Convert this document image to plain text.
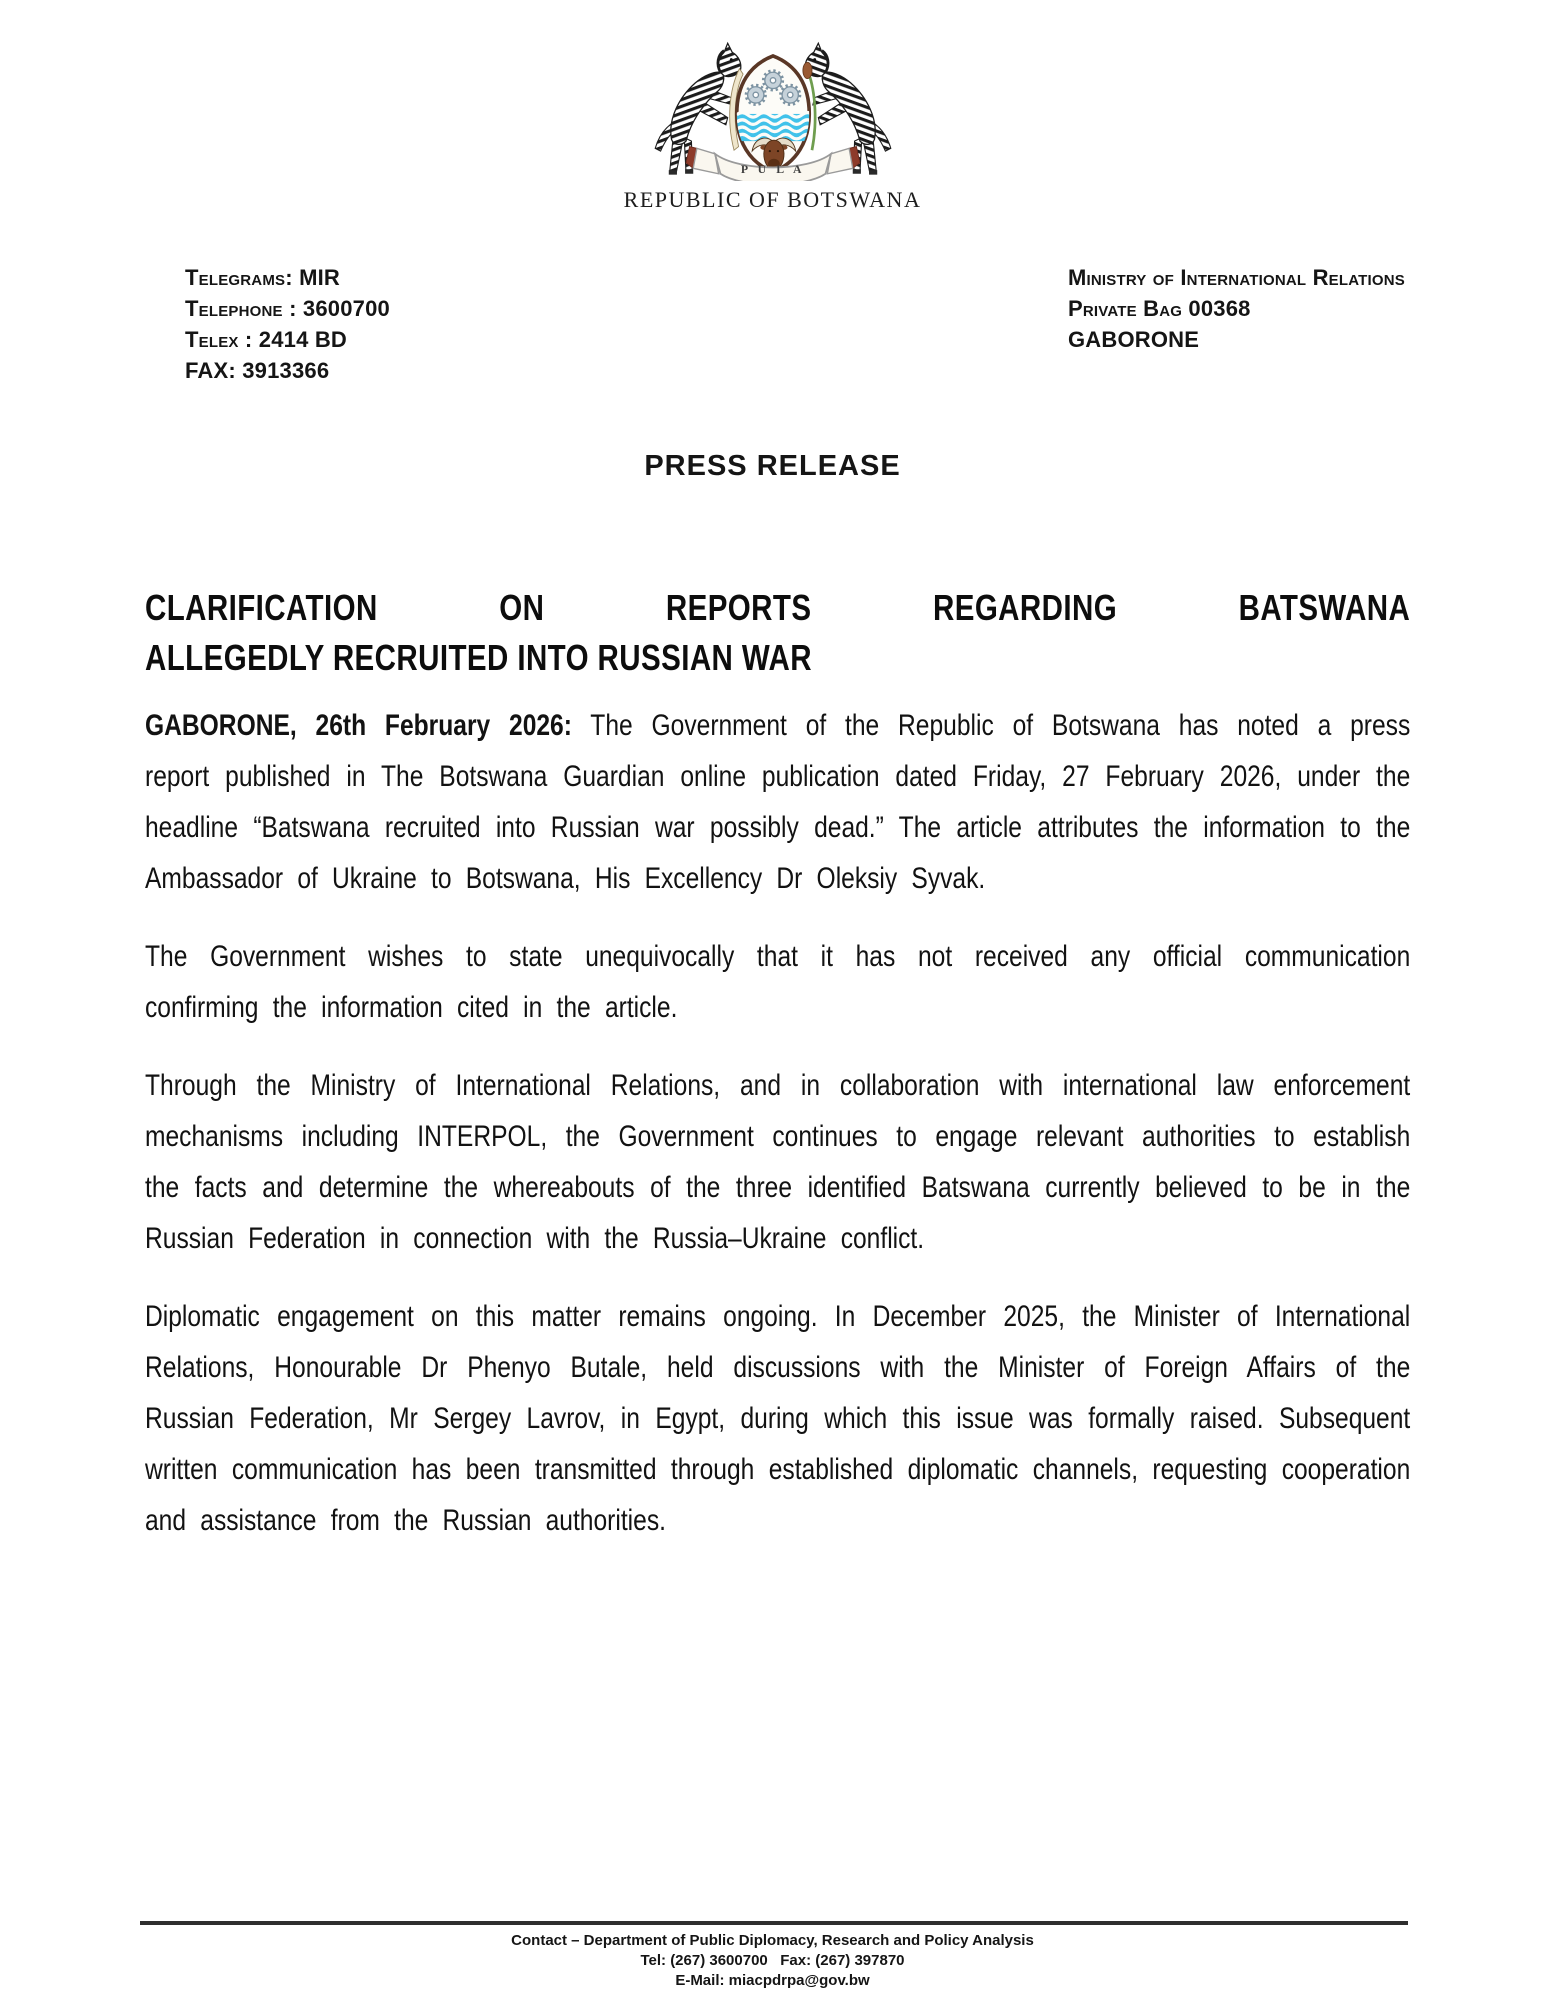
P U L A
REPUBLIC OF BOTSWANA
Telegrams: MIR
Telephone : 3600700
Telex : 2414 BD
FAX: 3913366
Ministry of International Relations
Private Bag 00368
GABORONE
PRESS RELEASE
CLARIFICATION ON REPORTS REGARDING BATSWANA
ALLEGEDLY RECRUITED INTO RUSSIAN WAR

GABORONE, 26th February 2026: The Government of the Republic of Botswana has noted a press report published in The Botswana Guardian online publication dated Friday, 27 February 2026, under the headline “Batswana recruited into Russian war possibly dead.” The article attributes the information to the Ambassador of Ukraine to Botswana, His Excellency Dr Oleksiy Syvak.

The Government wishes to state unequivocally that it has not received any official communication confirming the information cited in the article.

Through the Ministry of International Relations, and in collaboration with international law enforcement mechanisms including INTERPOL, the Government continues to engage relevant authorities to establish the facts and determine the whereabouts of the three identified Batswana currently believed to be in the Russian Federation in connection with the Russia–Ukraine conflict.

Diplomatic engagement on this matter remains ongoing. In December 2025, the Minister of International Relations, Honourable Dr Phenyo Butale, held discussions with the Minister of Foreign Affairs of the Russian Federation, Mr Sergey Lavrov, in Egypt, during which this issue was formally raised. Subsequent written communication has been transmitted through established diplomatic channels, requesting cooperation and assistance from the Russian authorities.

Contact – Department of Public Diplomacy, Research and Policy Analysis
Tel: (267) 3600700   Fax: (267) 397870
E-Mail: miacpdrpa@gov.bw
